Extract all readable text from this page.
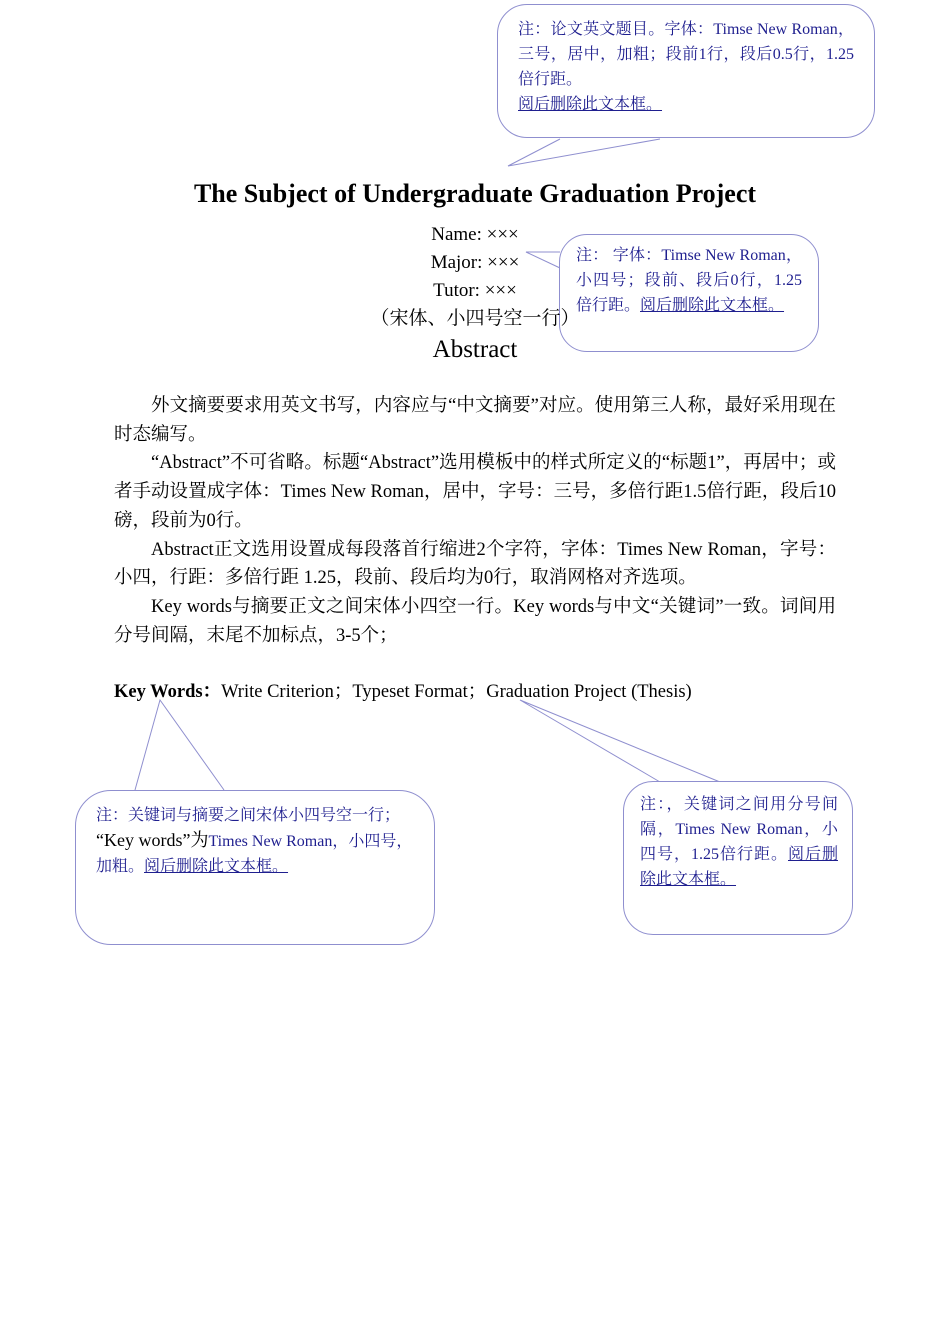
注：论文英文题目。字体：Timse New Roman，三号，居中，加粗；段前1行，段后0.5行，1.25倍行距。

阅后删除此文本框。

注： 字体：Timse New Roman，小四号；段前、段后0行，1.25倍行距。阅后删除此文本框。

注：关键词与摘要之间宋体小四号空一行；

“Key words”为Times New Roman，小四号，加粗。阅后删除此文本框。

注：，关键词之间用分号间隔，Times New Roman，小四号，1.25倍行距。阅后删除此文本框。

The Subject of Undergraduate Graduation Project

Name: ×××

Major: ×××

Tutor: ×××

（宋体、小四号空一行）

Abstract

外文摘要要求用英文书写，内容应与“中文摘要”对应。使用第三人称，最好采用现在时态编写。

“Abstract”不可省略。标题“Abstract”选用模板中的样式所定义的“标题1”，再居中；或者手动设置成字体：Times New Roman，居中，字号：三号，多倍行距1.5倍行距，段后10磅，段前为0行。

Abstract正文选用设置成每段落首行缩进2个字符，字体：Times New Roman，字号：小四，行距：多倍行距 1.25，段前、段后均为0行，取消网格对齐选项。

Key words与摘要正文之间宋体小四空一行。Key words与中文“关键词”一致。词间用分号间隔，末尾不加标点，3-5个；

Key Words：Write Criterion；Typeset Format；Graduation Project (Thesis)
